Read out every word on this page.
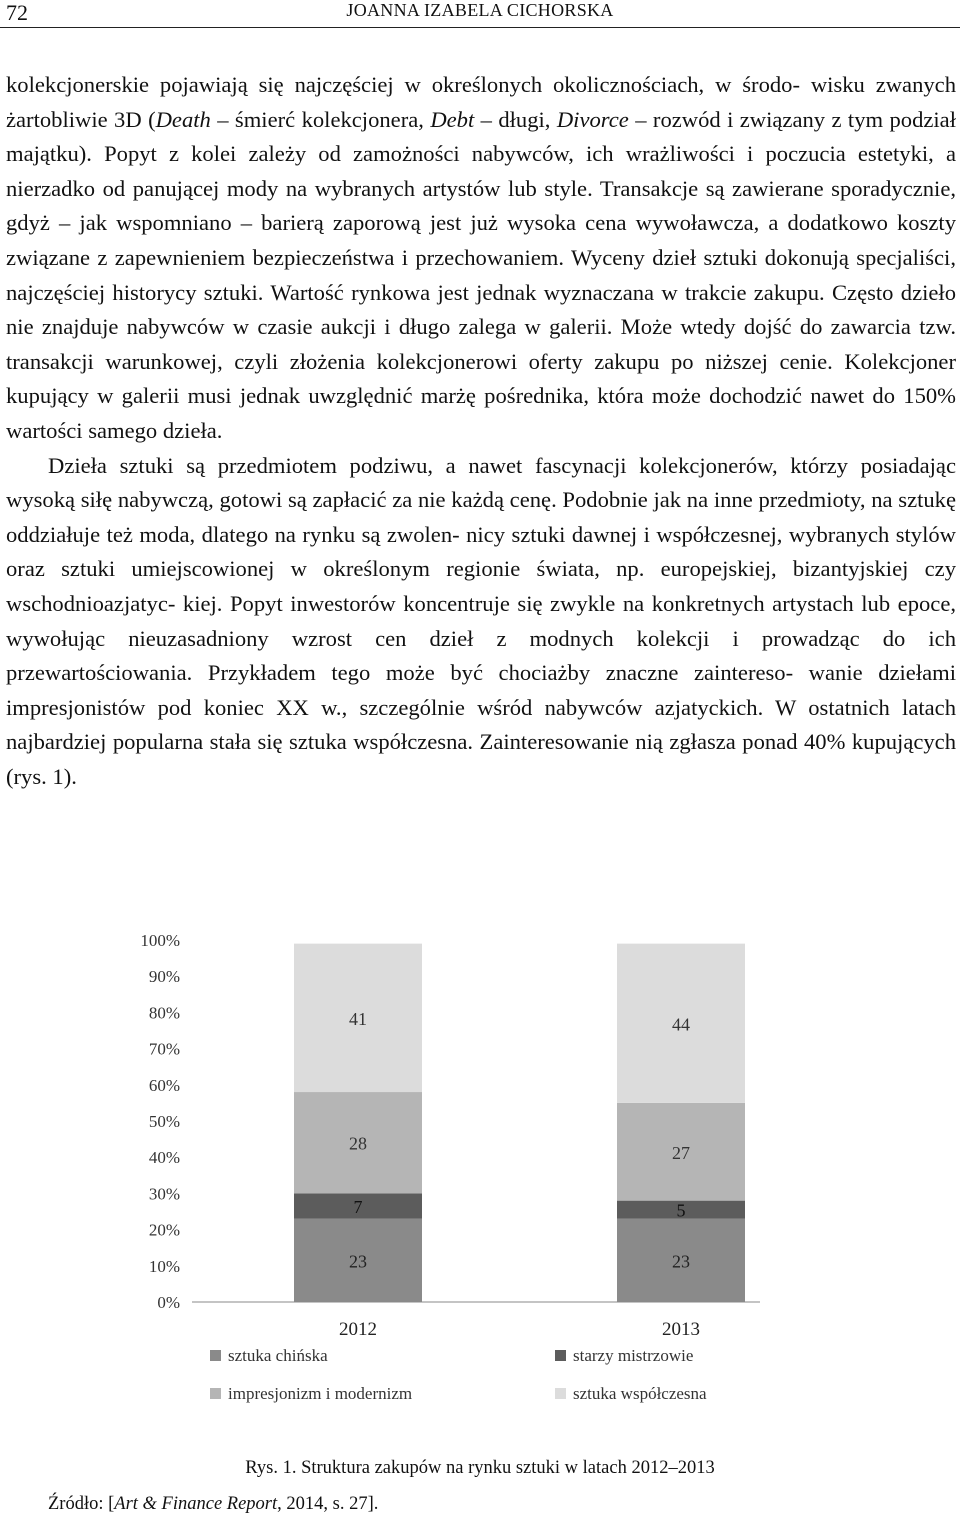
72	JOANNA IZABELA CICHORSKA

kolekcjonerskie pojawiają się najczęściej w określonych okolicznościach, w środo- wisku zwanych żartobliwie 3D (Death – śmierć kolekcjonera, Debt – długi, Divorce – rozwód i związany z tym podział majątku). Popyt z kolei zależy od zamożności nabywców, ich wrażliwości i poczucia estetyki, a nierzadko od panującej mody na wybranych artystów lub style. Transakcje są zawierane sporadycznie, gdyż – jak wspomniano – barierą zaporową jest już wysoka cena wywoławcza, a dodatkowo koszty związane z zapewnieniem bezpieczeństwa i przechowaniem. Wyceny dzieł sztuki dokonują specjaliści, najczęściej historycy sztuki. Wartość rynkowa jest jednak wyznaczana w trakcie zakupu. Często dzieło nie znajduje nabywców w czasie aukcji i długo zalega w galerii. Może wtedy dojść do zawarcia tzw. transakcji warunkowej, czyli złożenia kolekcjonerowi oferty zakupu po niższej cenie. Kolekcjoner kupujący w galerii musi jednak uwzględnić marżę pośrednika, która może dochodzić nawet do 150% wartości samego dzieła.

Dzieła sztuki są przedmiotem podziwu, a nawet fascynacji kolekcjonerów, którzy posiadając wysoką siłę nabywczą, gotowi są zapłacić za nie każdą cenę. Podobnie jak na inne przedmioty, na sztukę oddziałuje też moda, dlatego na rynku są zwolen- nicy sztuki dawnej i współczesnej, wybranych stylów oraz sztuki umiejscowionej w określonym regionie świata, np. europejskiej, bizantyjskiej czy wschodnioazjatyc- kiej. Popyt inwestorów koncentruje się zwykle na konkretnych artystach lub epoce, wywołując nieuzasadniony wzrost cen dzieł z modnych kolekcji i prowadząc do ich przewartościowania. Przykładem tego może być chociażby znaczne zaintereso- wanie dziełami impresjonistów pod koniec XX w., szczególnie wśród nabywców azjatyckich. W ostatnich latach najbardziej popularna stała się sztuka współczesna. Zainteresowanie nią zgłasza ponad 40% kupujących (rys. 1).

0%
10%
20%
30%
40%
50%
60%
70%
80%
90%
100%
23
7
28
41
2012
23
5
27
44
2013
sztuka chińska	starzy mistrzowie
impresjonizm i modernizm	sztuka współczesna
Rys. 1. Struktura zakupów na rynku sztuki w latach 2012–2013
Źródło: [Art & Finance Report, 2014, s. 27].
